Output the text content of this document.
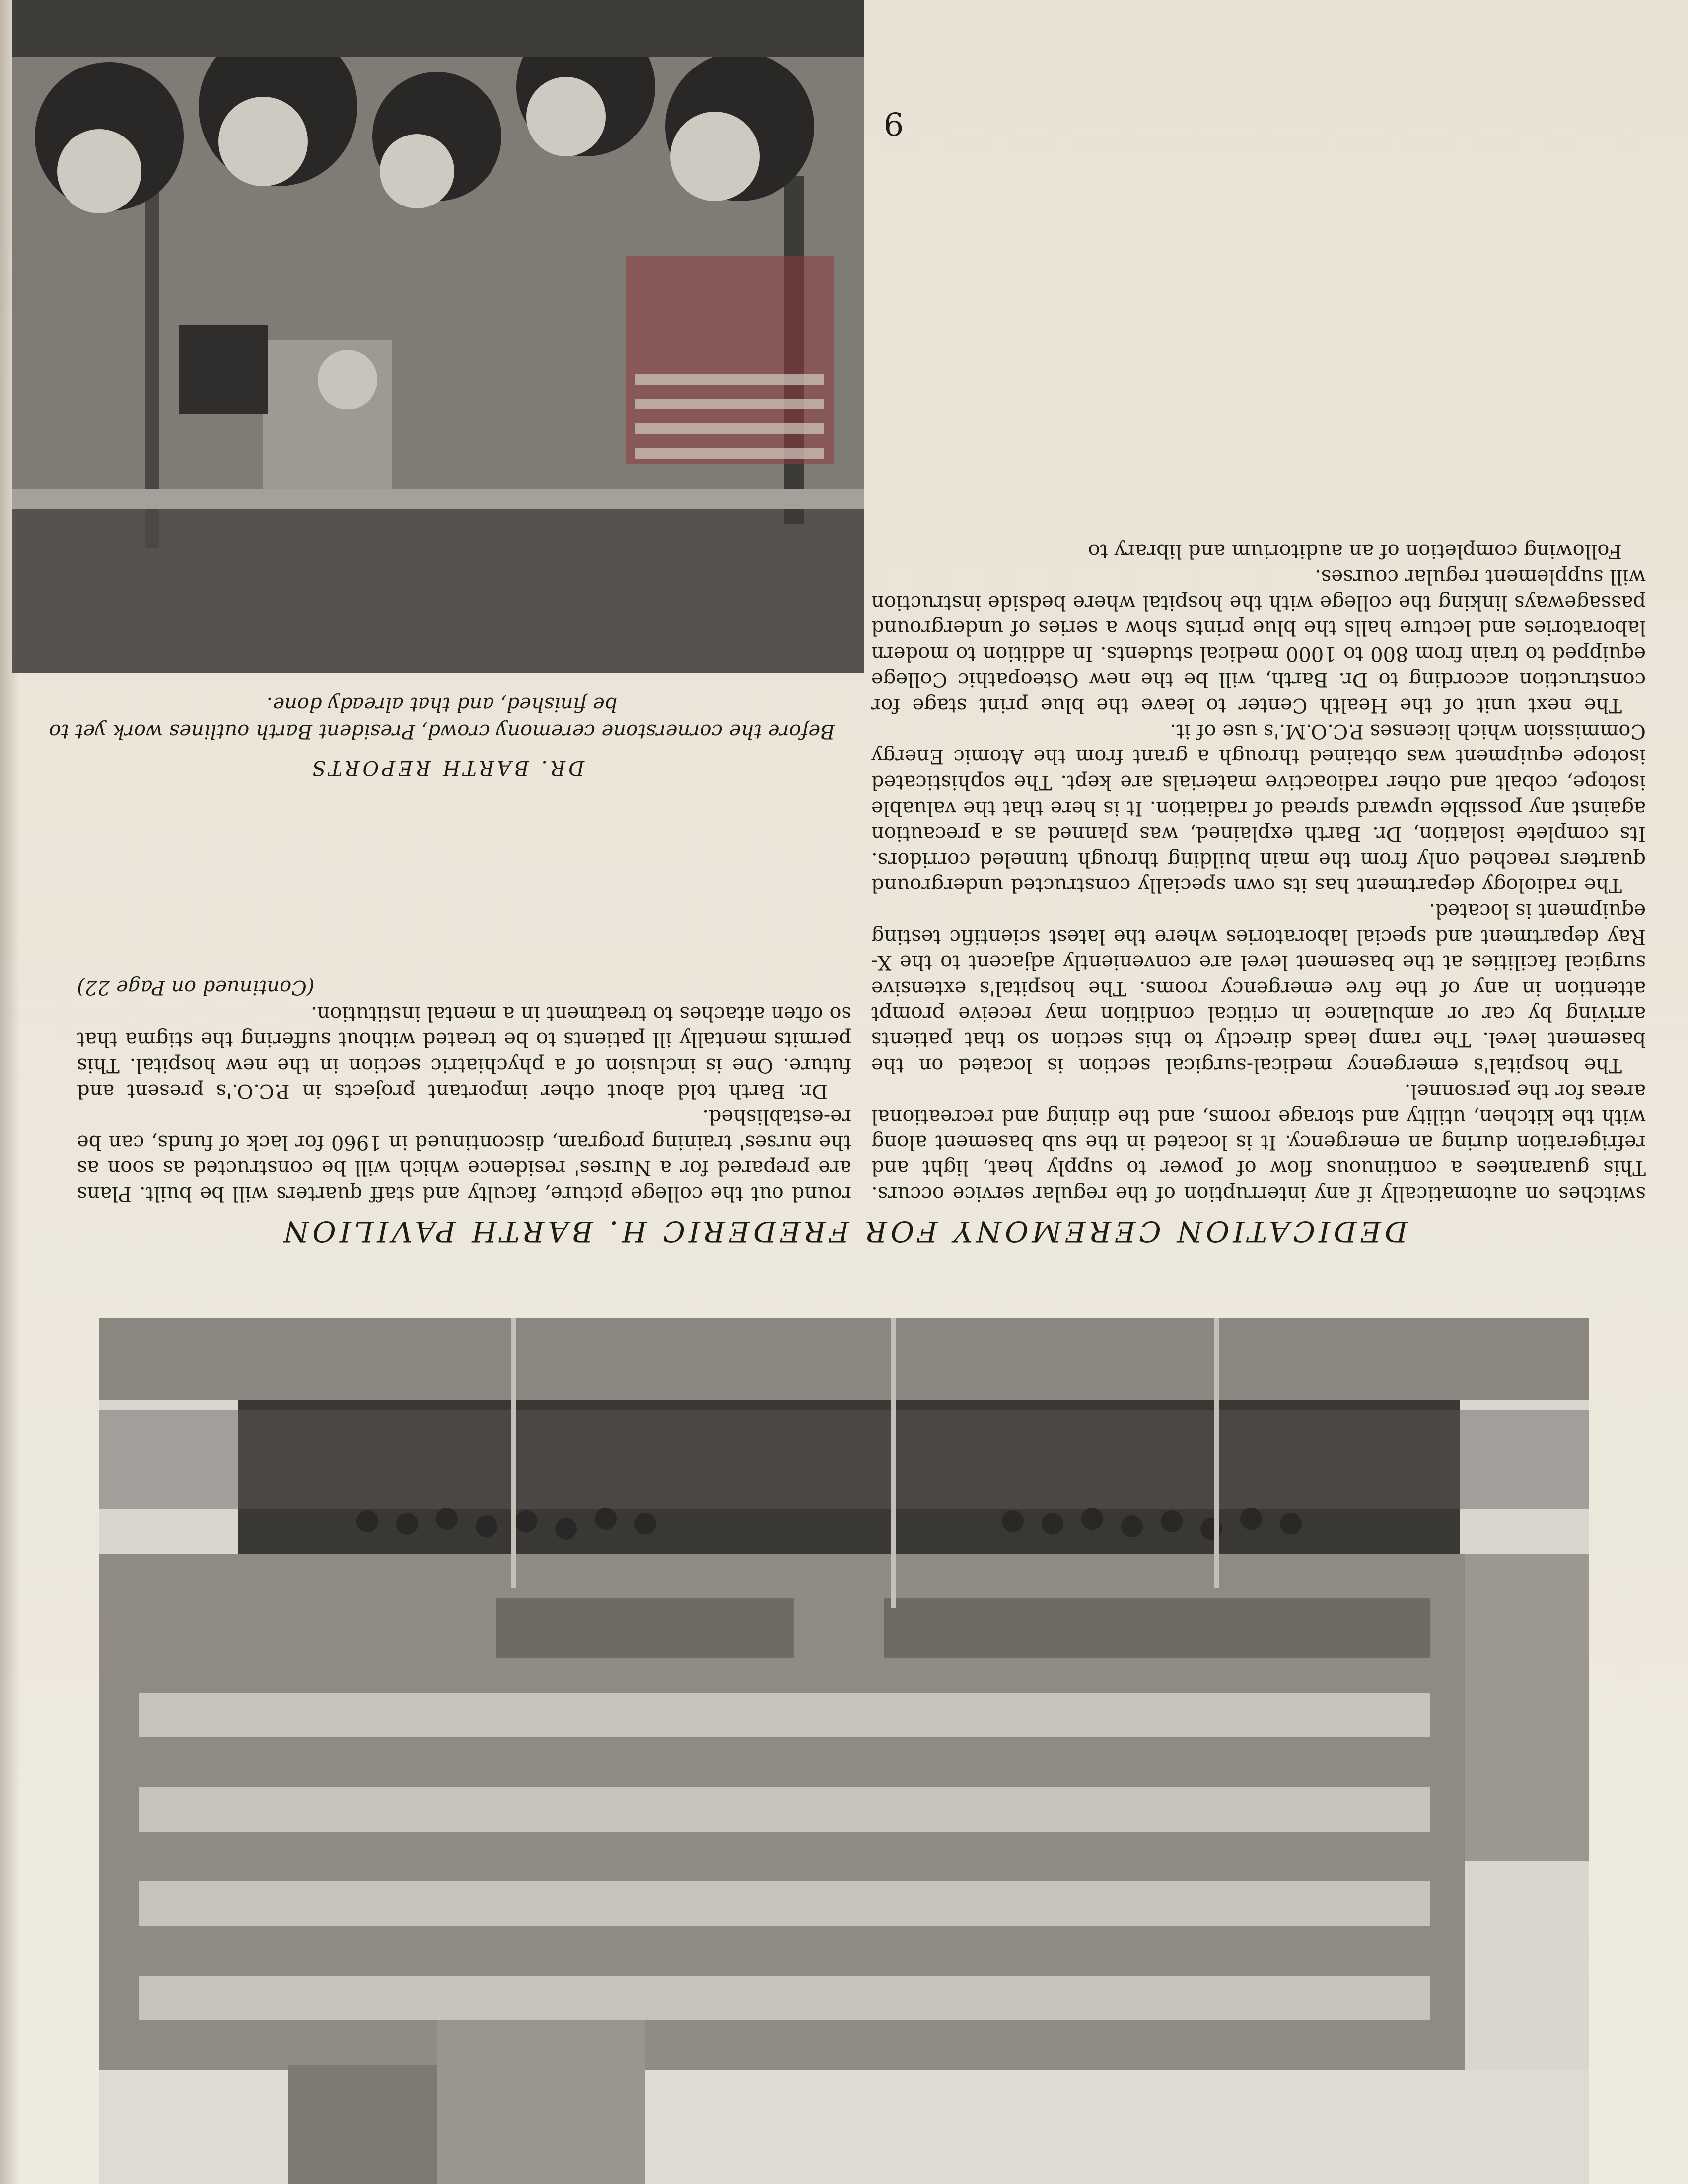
DR. BARTH REPORTS
Before the cornerstone ceremony crowd, President Barth outlines work yet to be finished, and that already done.

switches on automatically if any interruption of the regular service occurs. This guarantees a continuous flow of power to supply heat, light and refrigeration during an emergency. It is located in the sub basement along with the kitchen, utility and storage rooms, and the dining and recreational areas for the personnel.

The hospital's emergency medical-surgical section is located on the basement level. The ramp leads directly to this section so that patients arriving by car or ambulance in critical condition may receive prompt attention in any of the five emergency rooms. The hospital's extensive surgical facilities at the basement level are conveniently adjacent to the X-Ray department and special laboratories where the latest scientific testing equipment is located.

The radiology department has its own specially constructed underground quarters reached only from the main building through tunneled corridors. Its complete isolation, Dr. Barth explained, was planned as a precaution against any possible upward spread of radiation. It is here that the valuable isotope, cobalt and other radioactive materials are kept. The sophisticated isotope equipment was obtained through a grant from the Atomic Energy Commission which licenses P.C.O.M.'s use of it.

The next unit of the Health Center to leave the blue print stage for construction according to Dr. Barth, will be the new Osteopathic College equipped to train from 800 to 1000 medical students. In addition to modern laboratories and lecture halls the blue prints show a series of underground passageways linking the college with the hospital where bedside instruction will supplement regular courses.

Following completion of an auditorium and library to

round out the college picture, faculty and staff quarters will be built. Plans are prepared for a Nurses' residence which will be constructed as soon as the nurses' training program, discontinued in 1960 for lack of funds, can be re-established.

Dr. Barth told about other important projects in P.C.O.'s present and future. One is inclusion of a phychiatric section in the new hospital. This permits mentally ill patients to be treated without suffering the stigma that so often attaches to treatment in a mental institution.

(Continued on Page 22)
9
DEDICATION CEREMONY FOR FREDERIC H. BARTH PAVILION
